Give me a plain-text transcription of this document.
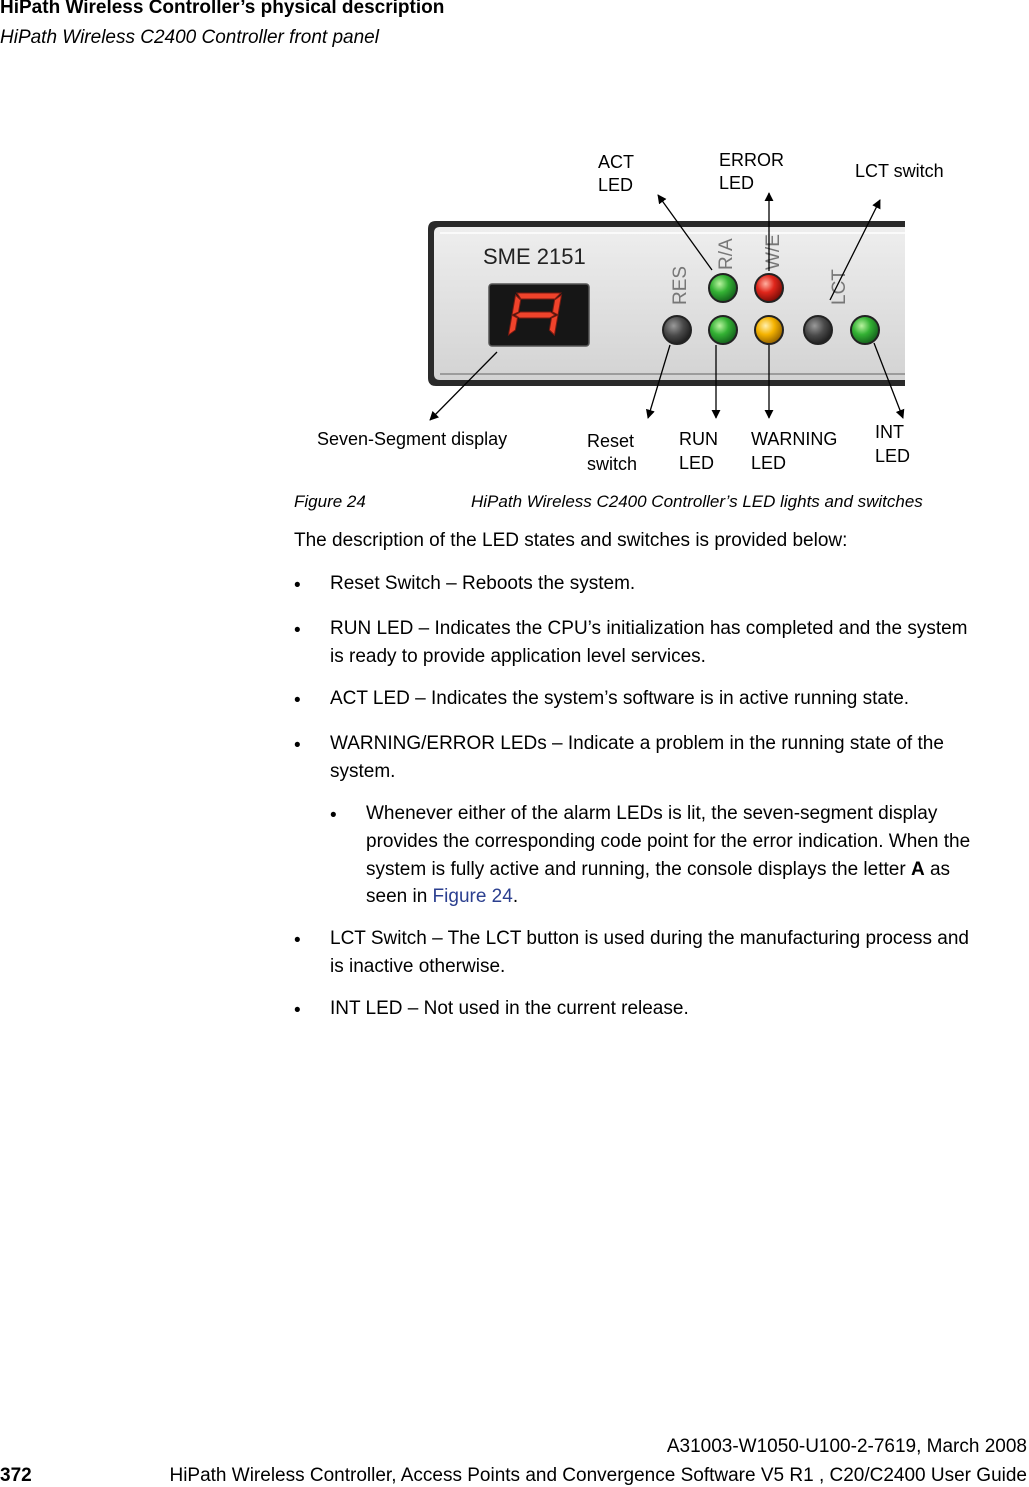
HiPath Wireless Controller’s physical description
HiPath Wireless C2400 Controller front panel
SME 2151
RES
R/A W/E
LCT
ACT
LED
ERROR
LED
LCT switch
Seven-Segment display	Reset
switch
RUN
LED
WARNING
LED
INT
LED
Figure 24	HiPath Wireless C2400 Controller’s LED lights and switches
The description of the LED states and switches is provided below:
• Reset Switch – Reboots the system.
• RUN LED – Indicates the CPU’s initialization has completed and the system
is ready to provide application level services.
• ACT LED – Indicates the system’s software is in active running state.
• WARNING/ERROR LEDs – Indicate a problem in the running state of the
system.
• Whenever either of the alarm LEDs is lit, the seven-segment display
provides the corresponding code point for the error indication. When the
system is fully active and running, the console displays the letter A as
seen in Figure 24.
• LCT Switch – The LCT button is used during the manufacturing process and
is inactive otherwise.
• INT LED – Not used in the current release.
A31003-W1050-U100-2-7619, March 2008
372	HiPath Wireless Controller, Access Points and Convergence Software V5 R1 , C20/C2400 User Guide
